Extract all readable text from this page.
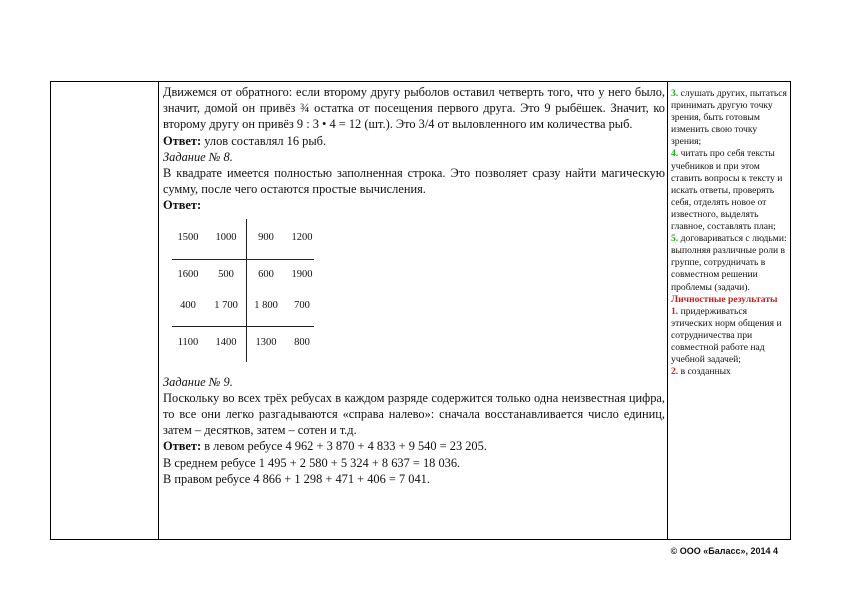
Движемся от обратного: если второму другу рыболов оставил четверть того, что у него было, значит, домой он привёз ¾ остатка от посещения первого друга. Это 9 рыбёшек. Значит, ко второму другу он привёз 9 : 3 • 4 = 12 (шт.). Это 3/4 от выловленного им количества рыб.

Ответ: улов составлял 16 рыб.

Задание № 8.

В квадрате имеется полностью заполненная строка. Это позволяет сразу найти магическую сумму, после чего остаются простые вычисления.

Ответ:

1500	1000	900	1200
1600	500	600	1900
400	1 700	1 800	700
1100	1400	1300	800

Задание № 9.

Поскольку во всех трёх ребусах в каждом разряде содержится только одна неизвестная цифра, то все они легко разгадываются «справа налево»: сначала восстанавливается число единиц, затем – десятков, затем – сотен и т.д.

Ответ: в левом ребусе 4 962 + 3 870 + 4 833 + 9 540 = 23 205.

В среднем ребусе 1 495 + 2 580 + 5 324 + 8 637 = 18 036.

В правом ребусе 4 866 + 1 298 + 471 + 406 = 7 041.

3. слушать других, пытаться принимать другую точку зрения, быть готовым изменить свою точку зрения;

4. читать про себя тексты учебников и при этом ставить вопросы к тексту и искать ответы, проверять себя, отделять новое от известного, выделять главное, составлять план;

5. договариваться с людьми: выполняя различные роли в группе, сотрудничать в совместном решении проблемы (задачи).

Личностные результаты

1. придерживаться этических норм общения и сотрудничества при совместной работе над учебной задачей;

2. в созданных

© ООО «Баласс», 2014 4
